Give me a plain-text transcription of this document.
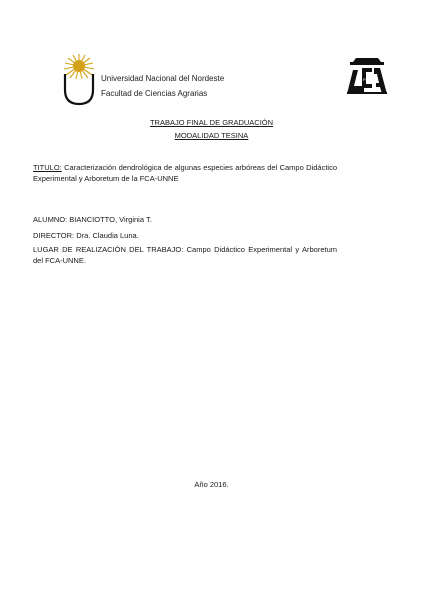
Universidad Nacional del Nordeste
Facultad de Ciencias Agrarias
FCA
TRABAJO FINAL DE GRADUACIÓN
MODALIDAD TESINA
TITULO: Caracterización dendrológica de algunas especies arbóreas del Campo Didáctico Experimental y Arboretum de la FCA-UNNE
ALUMNO: BIANCIOTTO, Virginia T.
DIRECTOR: Dra. Claudia Luna.
LUGAR DE REALIZACIÓN DEL TRABAJO: Campo Didáctico Experimental y Arboretum del FCA-UNNE.
Año 2016.
